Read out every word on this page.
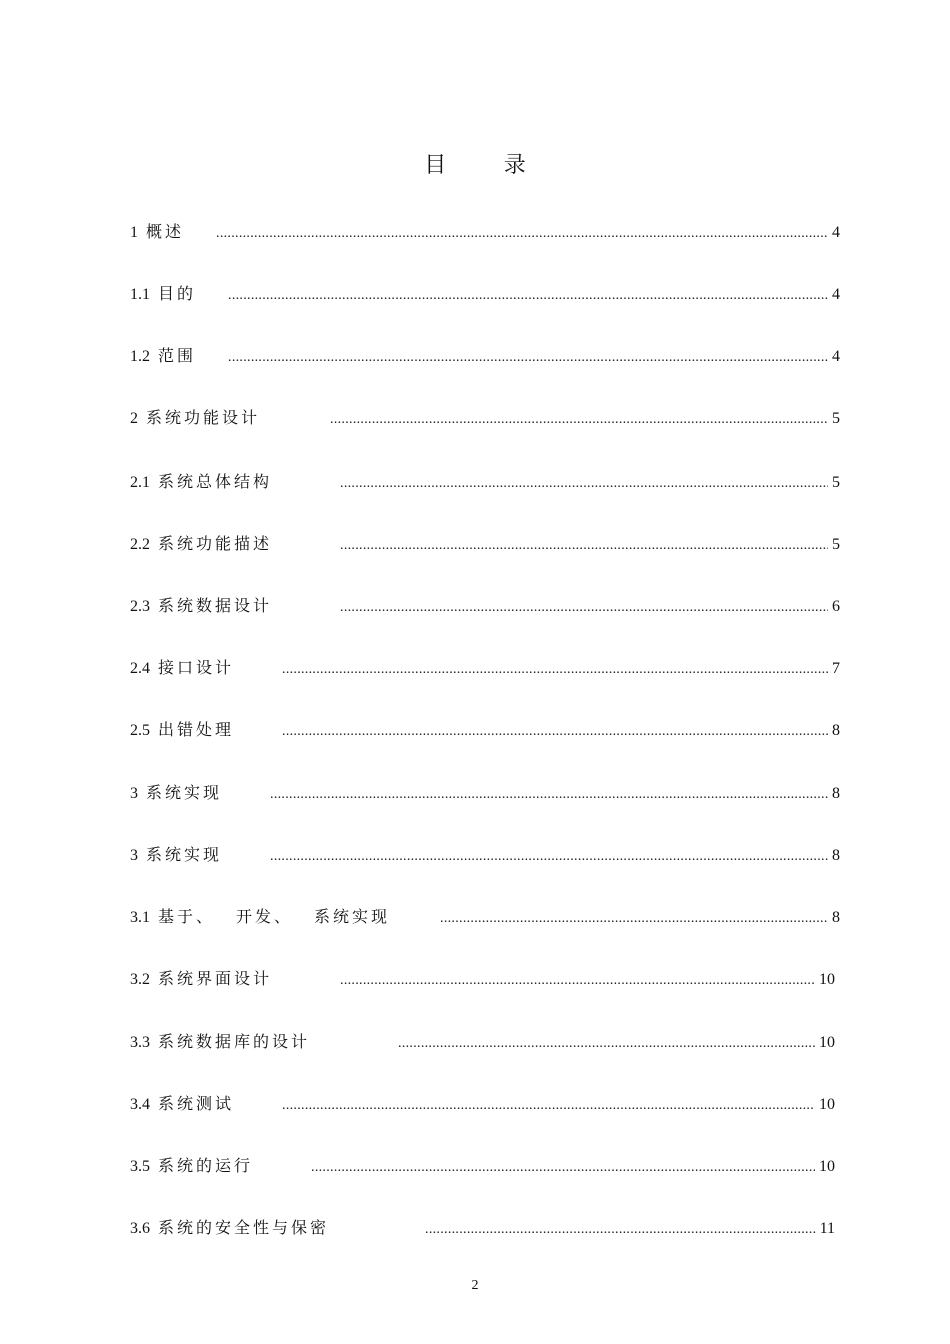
目 录
1 概述 .....	4
1.1 目的 .....	4
1.2 范围 .....	4
2 系统功能设计 .....	5
2.1 系统总体结构 .....	5
2.2 系统功能描述 .....	5
2.3 系统数据设计 .....	6
2.4 接口设计 .....	7
2.5 出错处理 .....	8
3 系统实现 .....	8
3 系统实现 .....	8
3.1 基于、 开发、 系统实现 .....	8
3.2 系统界面设计 .....	10
3.3 系统数据库的设计 .....	10
3.4 系统测试 .....	10
3.5 系统的运行 .....	10
3.6 系统的安全性与保密 .....	11
2
